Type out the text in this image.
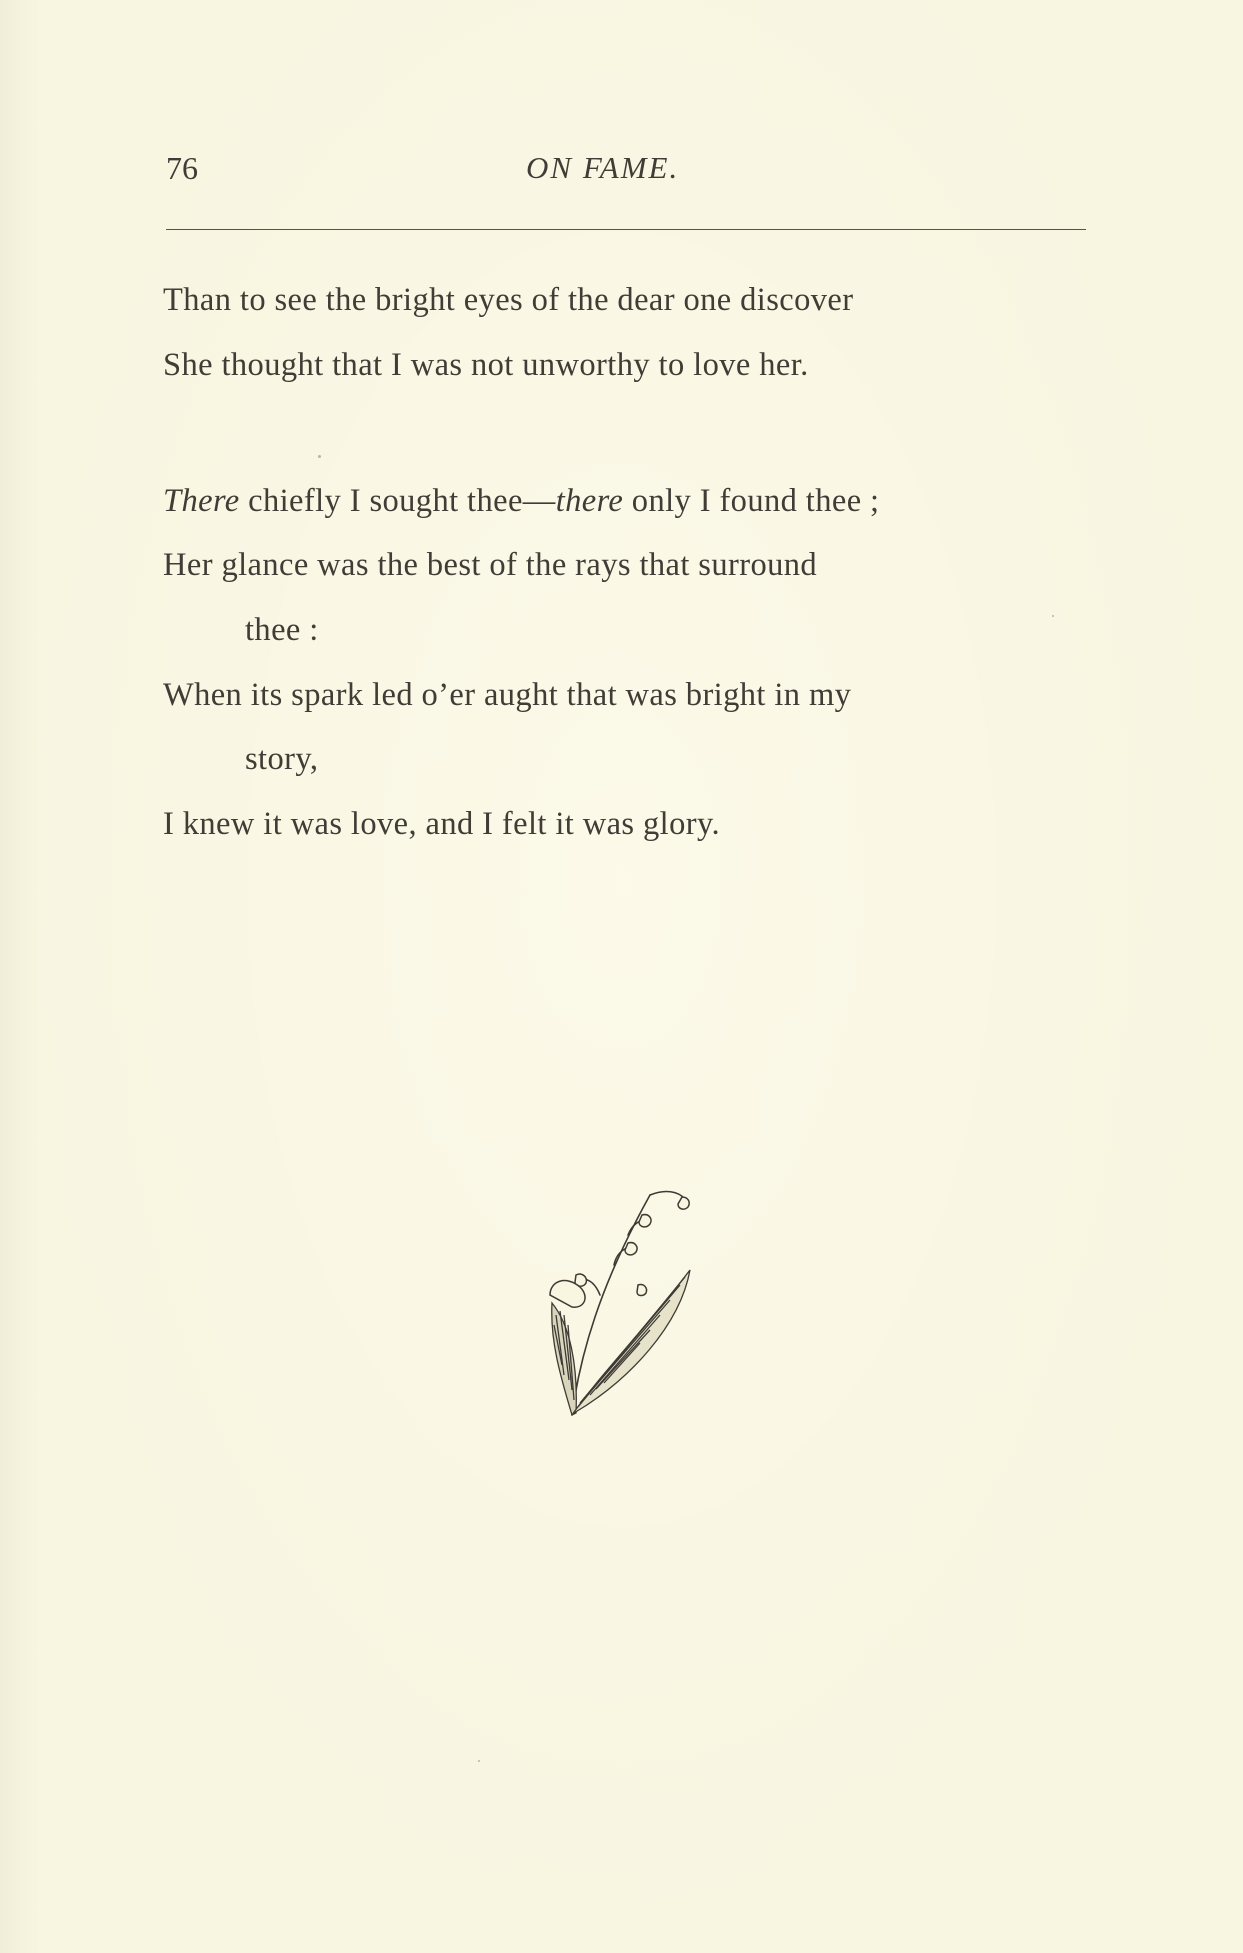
76	ON FAME.
Than to see the bright eyes of the dear one discover
She thought that I was not unworthy to love her.
There chiefly I sought thee—there only I found thee ;
Her glance was the best of the rays that surround
thee :
When its spark led o’er aught that was bright in my
story,
I knew it was love, and I felt it was glory.
